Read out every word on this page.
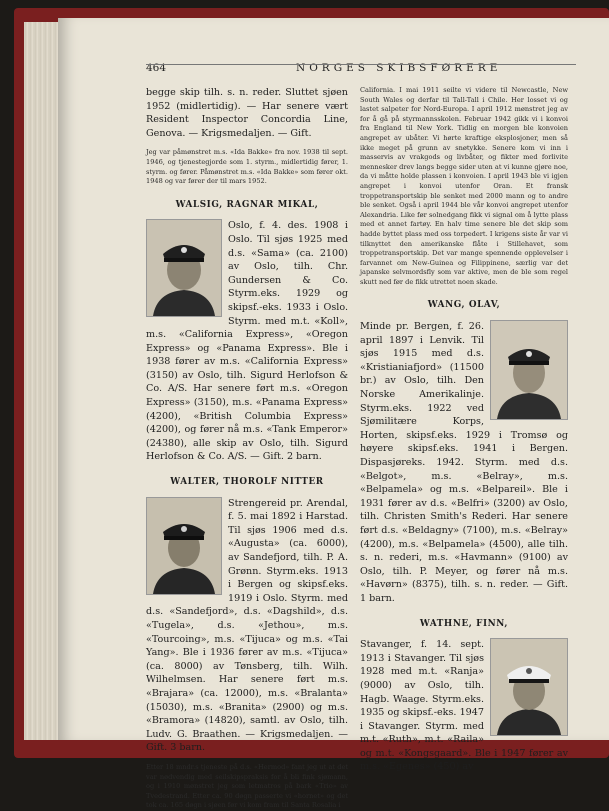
464	NORGES SKIBSFØRERE

begge skip tilh. s. n. reder. Sluttet sjøen 1952 (midlertidig). — Har senere vært Resident Inspector Concordia Line, Genova. — Krigsmedaljen. — Gift.

Jeg var påmønstret m.s. «Ida Bakke» fra nov. 1938 til sept. 1946, og tjenestegjorde som 1. styrm., midlertidig fører, 1. styrm. og fører. Påmønstret m.s. «Ida Bakke» som fører okt. 1948 og var fører der til mars 1952.

WALSIG, RAGNAR MIKAL,

Oslo, f. 4. des. 1908 i Oslo. Til sjøs 1925 med d.s. «Sama» (ca. 2100) av Oslo, tilh. Chr. Gundersen & Co. Styrm.eks. 1929 og skipsf.-eks. 1933 i Oslo. Styrm. med m.t. «Koll», m.s. «California Express», «Oregon Express» og «Panama Express». Ble i 1938 fører av m.s. «California Express» (3150) av Oslo, tilh. Sigurd Herlofson & Co. A/S. Har senere ført m.s. «Oregon Express» (3150), m.s. «Panama Express» (4200), «British Columbia Express» (4200), og fører nå m.s. «Tank Emperor» (24380), alle skip av Oslo, tilh. Sigurd Herlofson & Co. A/S. — Gift. 2 barn.

WALTER, THOROLF NITTER

Strengereid pr. Arendal, f. 5. mai 1892 i Harstad. Til sjøs 1906 med d.s. «Augusta» (ca. 6000), av Sandefjord, tilh. P. A. Grønn. Styrm.eks. 1913 i Bergen og skipsf.eks. 1919 i Oslo. Styrm. med d.s. «Sandefjord», d.s. «Dagshild», d.s. «Tugela», d.s. «Jethou», m.s. «Tourcoing», m.s. «Tijuca» og m.s. «Tai Yang». Ble i 1936 fører av m.s. «Tijuca» (ca. 8000) av Tønsberg, tilh. Wilh. Wilhelmsen. Har senere ført m.s. «Brajara» (ca. 12000), m.s. «Bralanta» (15030), m.s. «Branita» (2900) og m.s. «Bramora» (14820), samtl. av Oslo, tilh. Ludv. G. Braathen. — Krigsmedaljen. — Gift. 3 barn.

Etter 18 mndr.s tjeneste på d.s. «Hermod» fant jeg ut at det var nødvendig med seilskipspraksis for å bli fink sjømann, og i 1910 mønstret jeg som letmatros på bark «Trio» av Tvedestrand. Etter ca. 90 døgn passerte vi «hornet» og det tok ca. 165 døgn i sjøen før vi kom fram til Santa Rosalia i

California. I mai 1911 seilte vi videre til Newcastle, New South Wales og derfar til Tall-Tall i Chile. Her losset vi og lastet salpeter for Nord-Europa. I april 1912 mønstret jeg av for å gå på styrmannsskolen. Februar 1942 gikk vi i konvoi fra England til New York. Tidlig en morgen ble konvoien angrepet av ubåter. Vi hørte kraftige eksplosjoner, men så ikke meget på grunn av snøtykke. Senere kom vi inn i masservis av vrakgods og livbåter, og fikter med forlivite mennesker drev langs begge sider uten at vi kunne gjøre noe, da vi måtte holde plassen i konvoien. I april 1943 ble vi igjen angrepet i konvoi utenfor Oran. Et fransk troppetransportskip ble senket med 2000 mann og to andre ble senket. Også i april 1944 ble vår konvoi angrepet utenfor Alexandria. Like før solnedgang fikk vi signal om å lytte plass med et annet fartøy. En halv time senere ble det skip som hadde byttet plass med oss torpedert. I krigens siste år var vi tilknyttet den amerikanske flåte i Stillehavet, som troppetransportskip. Det var mange spennende opplevelser i farvannet om New-Guinea og Filippinene, særlig var det japanske selvmordsfly som var aktive, men de ble som regel skutt ned før de fikk utrettet noen skade.

WANG, OLAV,

Minde pr. Bergen, f. 26. april 1897 i Lenvik. Til sjøs 1915 med d.s. «Kristianiafjord» (11500 br.) av Oslo, tilh. Den Norske Amerikalinje. Styrm.eks. 1922 ved Sjømilitære Korps, Horten, skipsf.eks. 1929 i Tromsø og høyere skipsf.eks. 1941 i Bergen. Dispasjøreks. 1942. Styrm. med d.s. «Belgot», m.s. «Belray», m.s. «Belpamela» og m.s. «Belpareil». Ble i 1931 fører av d.s. «Belfri» (3200) av Oslo, tilh. Christen Smith's Rederi. Har senere ført d.s. «Beldagny» (7100), m.s. «Belray» (4200), m.s. «Belpamela» (4500), alle tilh. s. n. rederi, m.s. «Havmann» (9100) av Oslo, tilh. P. Meyer, og fører nå m.s. «Havørn» (8375), tilh. s. n. reder. — Gift. 1 barn.

WATHNE, FINN,

Stavanger, f. 14. sept. 1913 i Stavanger. Til sjøs 1928 med m.t. «Ranja» (9000) av Oslo, tilh. Hagb. Waage. Styrm.eks. 1935 og skipsf.-eks. 1947 i Stavanger. Styrm. med m.t. «Ruth», m.t. «Raila» og m.t. «Kongsgaard». Ble i 1947 fører av m.s. «Egenes» (450) av
